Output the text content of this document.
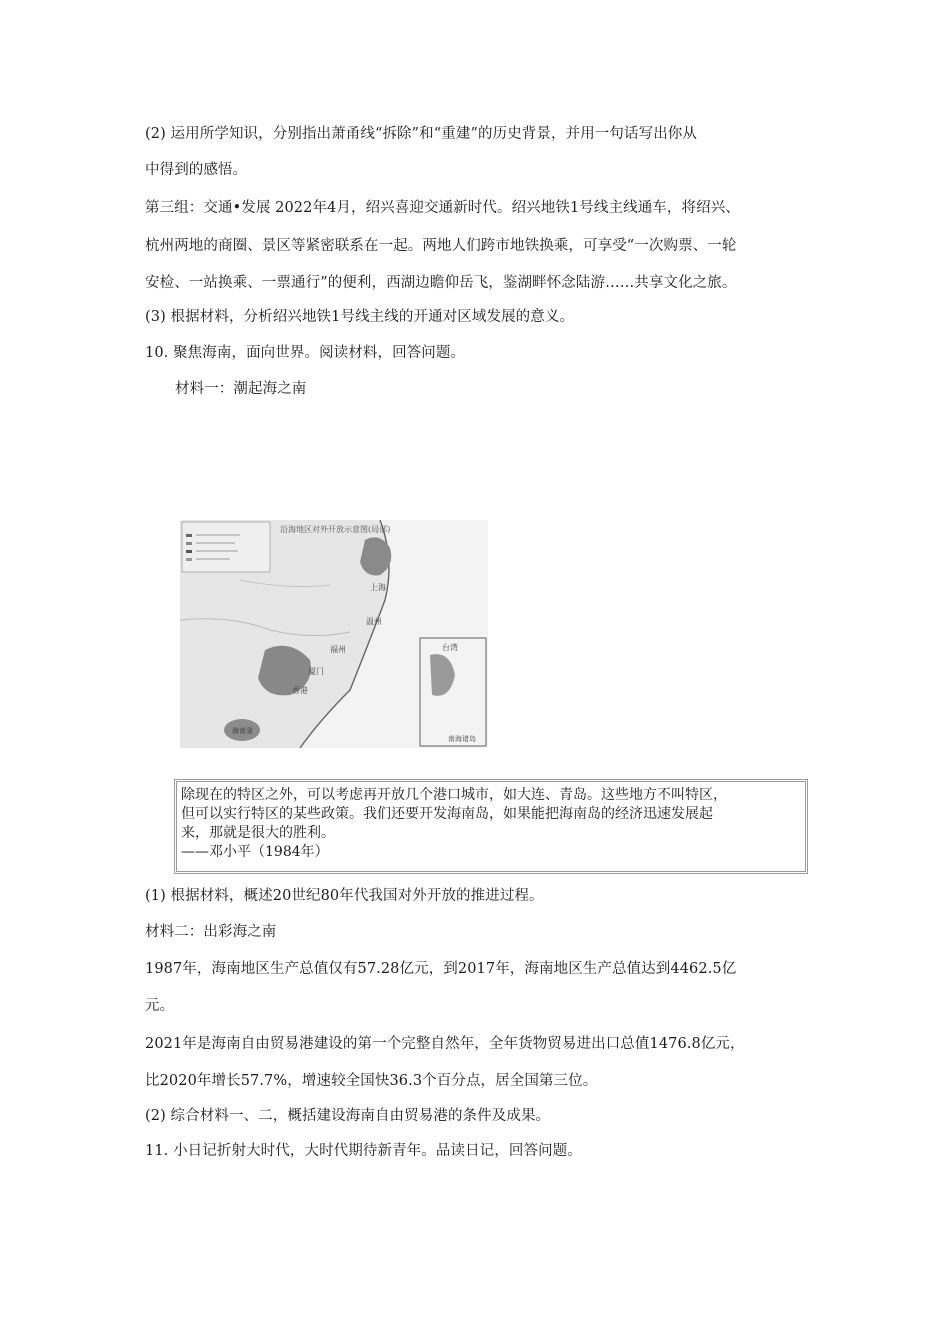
(2) 运用所学知识，分别指出萧甬线“拆除”和“重建”的历史背景，并用一句话写出你从
中得到的感悟。
第三组：交通•发展 2022年4月，绍兴喜迎交通新时代。绍兴地铁1号线主线通车，将绍兴、
杭州两地的商圈、景区等紧密联系在一起。两地人们跨市地铁换乘，可享受“一次购票、一轮
安检、一站换乘、一票通行”的便利，西湖边瞻仰岳飞，鉴湖畔怀念陆游……共享文化之旅。
(3) 根据材料，分析绍兴地铁1号线主线的开通对区域发展的意义。
10. 聚焦海南，面向世界。阅读材料，回答问题。
材料一：潮起海之南
沿海地区对外开放示意图(局部)
上海
温州
福州
厦门
香港
海南省
台湾
南海诸岛
除现在的特区之外，可以考虑再开放几个港口城市，如大连、青岛。这些地方不叫特区，
但可以实行特区的某些政策。我们还要开发海南岛，如果能把海南岛的经济迅速发展起
来，那就是很大的胜利。
——邓小平（1984年）
(1) 根据材料，概述20世纪80年代我国对外开放的推进过程。
材料二：出彩海之南
1987年，海南地区生产总值仅有57.28亿元，到2017年，海南地区生产总值达到4462.5亿
元。
2021年是海南自由贸易港建设的第一个完整自然年，全年货物贸易进出口总值1476.8亿元，
比2020年增长57.7%，增速较全国快36.3个百分点，居全国第三位。
(2) 综合材料一、二，概括建设海南自由贸易港的条件及成果。
11. 小日记折射大时代，大时代期待新青年。品读日记，回答问题。
